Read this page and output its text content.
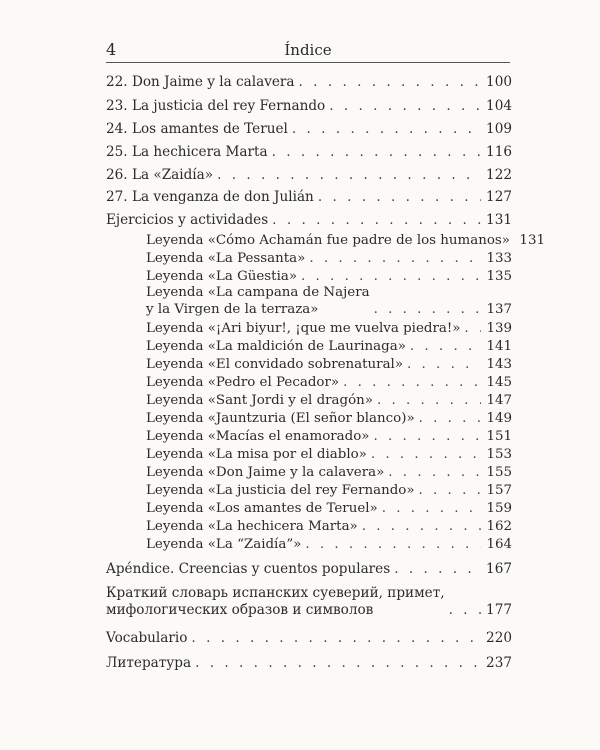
4	Índice
22. Don Jaime y la calavera . . .	100
23. La justicia del rey Fernando . . .	104
24. Los amantes de Teruel . . .	109
25. La hechicera Marta . . .	116
26. La «Zaidía» . . .	122
27. La venganza de don Julián . . .	127
Ejercicios y actividades . . .	131
Leyenda «Cómo Achamán fue padre de los humanos» 131
Leyenda «La Pessanta» . . .	133
Leyenda «La Güestia» . . .	135
Leyenda «La campana de Najera
y la Virgen de la terraza» . . .	137
Leyenda «¡Ari biyur!, ¡que me vuelva piedra!» . . . 139
Leyenda «La maldición de Laurinaga» . . .	141
Leyenda «El convidado sobrenatural» . . .	143
Leyenda «Pedro el Pecador» . . .	145
Leyenda «Sant Jordi y el dragón» . . .	147
Leyenda «Jauntzuria (El señor blanco)» . . .	149
Leyenda «Macías el enamorado» . . .	151
Leyenda «La misa por el diablo» . . .	153
Leyenda «Don Jaime y la calavera» . . .	155
Leyenda «La justicia del rey Fernando» . . .	157
Leyenda «Los amantes de Teruel» . . .	159
Leyenda «La hechicera Marta» . . .	162
Leyenda «La “Zaidía”» . . .	164
Apéndice. Creencias y cuentos populares . . .	167
Краткий словарь испанских суеверий, примет,
мифологических образов и символов . . .	177
Vocabulario . . .	220
Литература . . .	237
